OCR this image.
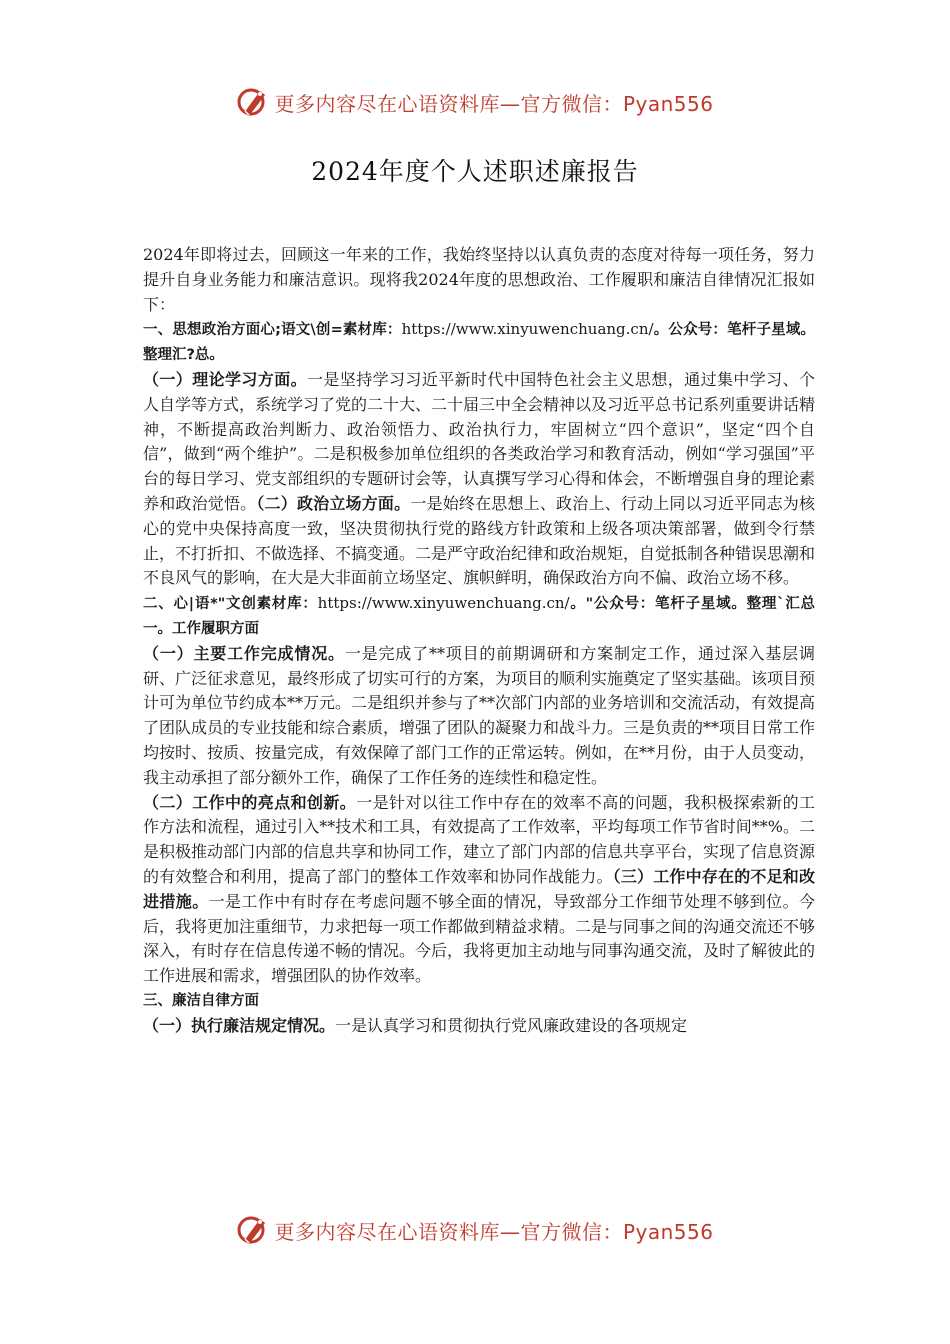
更多内容尽在心语资料库—官方微信：Pyan556
2024年度个人述职述廉报告

2024年即将过去，回顾这一年来的工作，我始终坚持以认真负责的态度对待每一项任务，努力提升自身业务能力和廉洁意识。现将我2024年度的思想政治、工作履职和廉洁自律情况汇报如下：

一、思想政治方面心;语文\创=素材库：https://www.xinyuwenchuang.cn/。公众号：笔杆子星域。整理汇?总。

（一）理论学习方面。一是坚持学习习近平新时代中国特色社会主义思想，通过集中学习、个人自学等方式，系统学习了党的二十大、二十届三中全会精神以及习近平总书记系列重要讲话精神，不断提高政治判断力、政治领悟力、政治执行力，牢固树立“四个意识”，坚定“四个自信”，做到“两个维护”。二是积极参加单位组织的各类政治学习和教育活动，例如“学习强国”平台的每日学习、党支部组织的专题研讨会等，认真撰写学习心得和体会，不断增强自身的理论素养和政治觉悟。（二）政治立场方面。一是始终在思想上、政治上、行动上同以习近平同志为核心的党中央保持高度一致，坚决贯彻执行党的路线方针政策和上级各项决策部署，做到令行禁止，不打折扣、不做选择、不搞变通。二是严守政治纪律和政治规矩，自觉抵制各种错误思潮和不良风气的影响，在大是大非面前立场坚定、旗帜鲜明，确保政治方向不偏、政治立场不移。

二、心|语*"文创素材库：https://www.xinyuwenchuang.cn/。"公众号：笔杆子星域。整理`汇总一。工作履职方面

（一）主要工作完成情况。一是完成了**项目的前期调研和方案制定工作，通过深入基层调研、广泛征求意见，最终形成了切实可行的方案，为项目的顺利实施奠定了坚实基础。该项目预计可为单位节约成本**万元。二是组织并参与了**次部门内部的业务培训和交流活动，有效提高了团队成员的专业技能和综合素质，增强了团队的凝聚力和战斗力。三是负责的**项目日常工作均按时、按质、按量完成，有效保障了部门工作的正常运转。例如，在**月份，由于人员变动，我主动承担了部分额外工作，确保了工作任务的连续性和稳定性。

（二）工作中的亮点和创新。一是针对以往工作中存在的效率不高的问题，我积极探索新的工作方法和流程，通过引入**技术和工具，有效提高了工作效率，平均每项工作节省时间**%。二是积极推动部门内部的信息共享和协同工作，建立了部门内部的信息共享平台，实现了信息资源的有效整合和利用，提高了部门的整体工作效率和协同作战能力。（三）工作中存在的不足和改进措施。一是工作中有时存在考虑问题不够全面的情况，导致部分工作细节处理不够到位。今后，我将更加注重细节，力求把每一项工作都做到精益求精。二是与同事之间的沟通交流还不够深入，有时存在信息传递不畅的情况。今后，我将更加主动地与同事沟通交流，及时了解彼此的工作进展和需求，增强团队的协作效率。

三、廉洁自律方面

（一）执行廉洁规定情况。一是认真学习和贯彻执行党风廉政建设的各项规定

更多内容尽在心语资料库—官方微信：Pyan556
